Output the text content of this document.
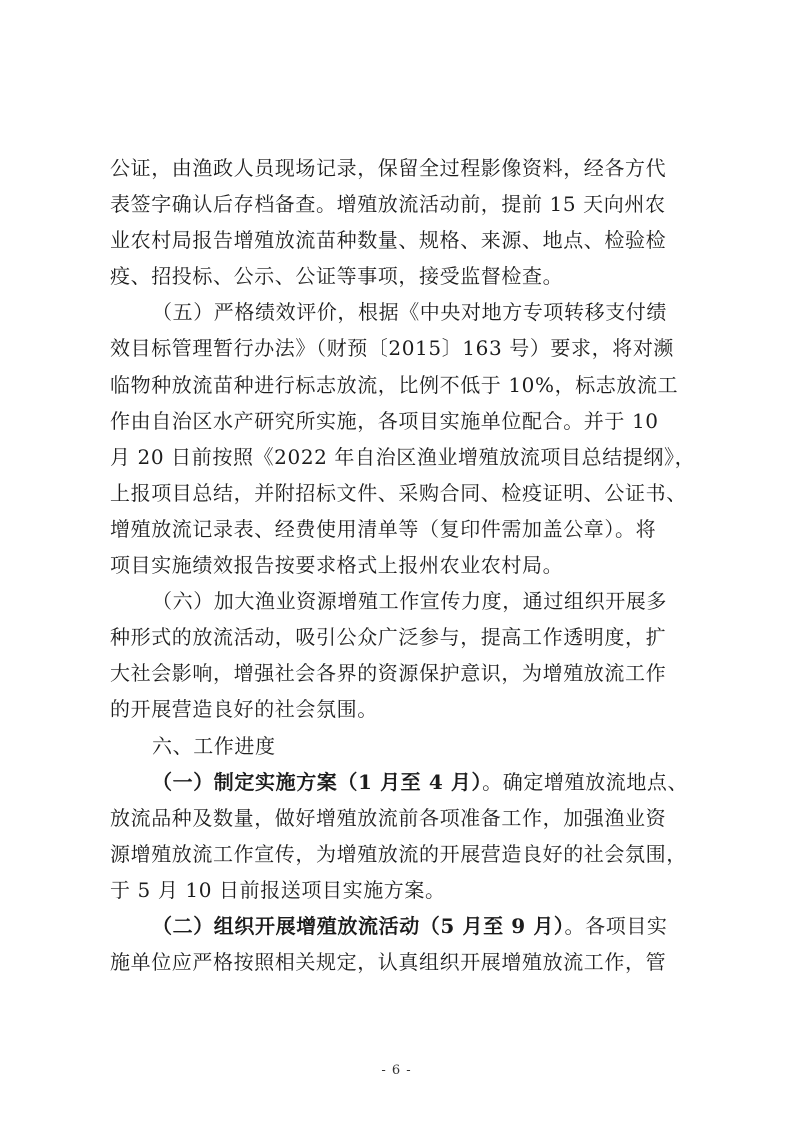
公证，由渔政人员现场记录，保留全过程影像资料，经各方代
表签字确认后存档备查。增殖放流活动前，提前 15 天向州农
业农村局报告增殖放流苗种数量、规格、来源、地点、检验检
疫、招投标、公示、公证等事项，接受监督检查。
（五）严格绩效评价，根据《中央对地方专项转移支付绩
效目标管理暂行办法》（财预〔2015〕163 号）要求，将对濒
临物种放流苗种进行标志放流，比例不低于 10%，标志放流工
作由自治区水产研究所实施，各项目实施单位配合。并于 10
月 20 日前按照《2022 年自治区渔业增殖放流项目总结提纲》，
上报项目总结，并附招标文件、采购合同、检疫证明、公证书、
增殖放流记录表、经费使用清单等（复印件需加盖公章）。将
项目实施绩效报告按要求格式上报州农业农村局。
（六）加大渔业资源增殖工作宣传力度，通过组织开展多
种形式的放流活动，吸引公众广泛参与，提高工作透明度，扩
大社会影响，增强社会各界的资源保护意识，为增殖放流工作
的开展营造良好的社会氛围。
六、工作进度
（一）制定实施方案（1 月至 4 月）。确定增殖放流地点、
放流品种及数量，做好增殖放流前各项准备工作，加强渔业资
源增殖放流工作宣传，为增殖放流的开展营造良好的社会氛围，
于 5 月 10 日前报送项目实施方案。
（二）组织开展增殖放流活动（5 月至 9 月）。各项目实
施单位应严格按照相关规定，认真组织开展增殖放流工作，管
- 6 -
